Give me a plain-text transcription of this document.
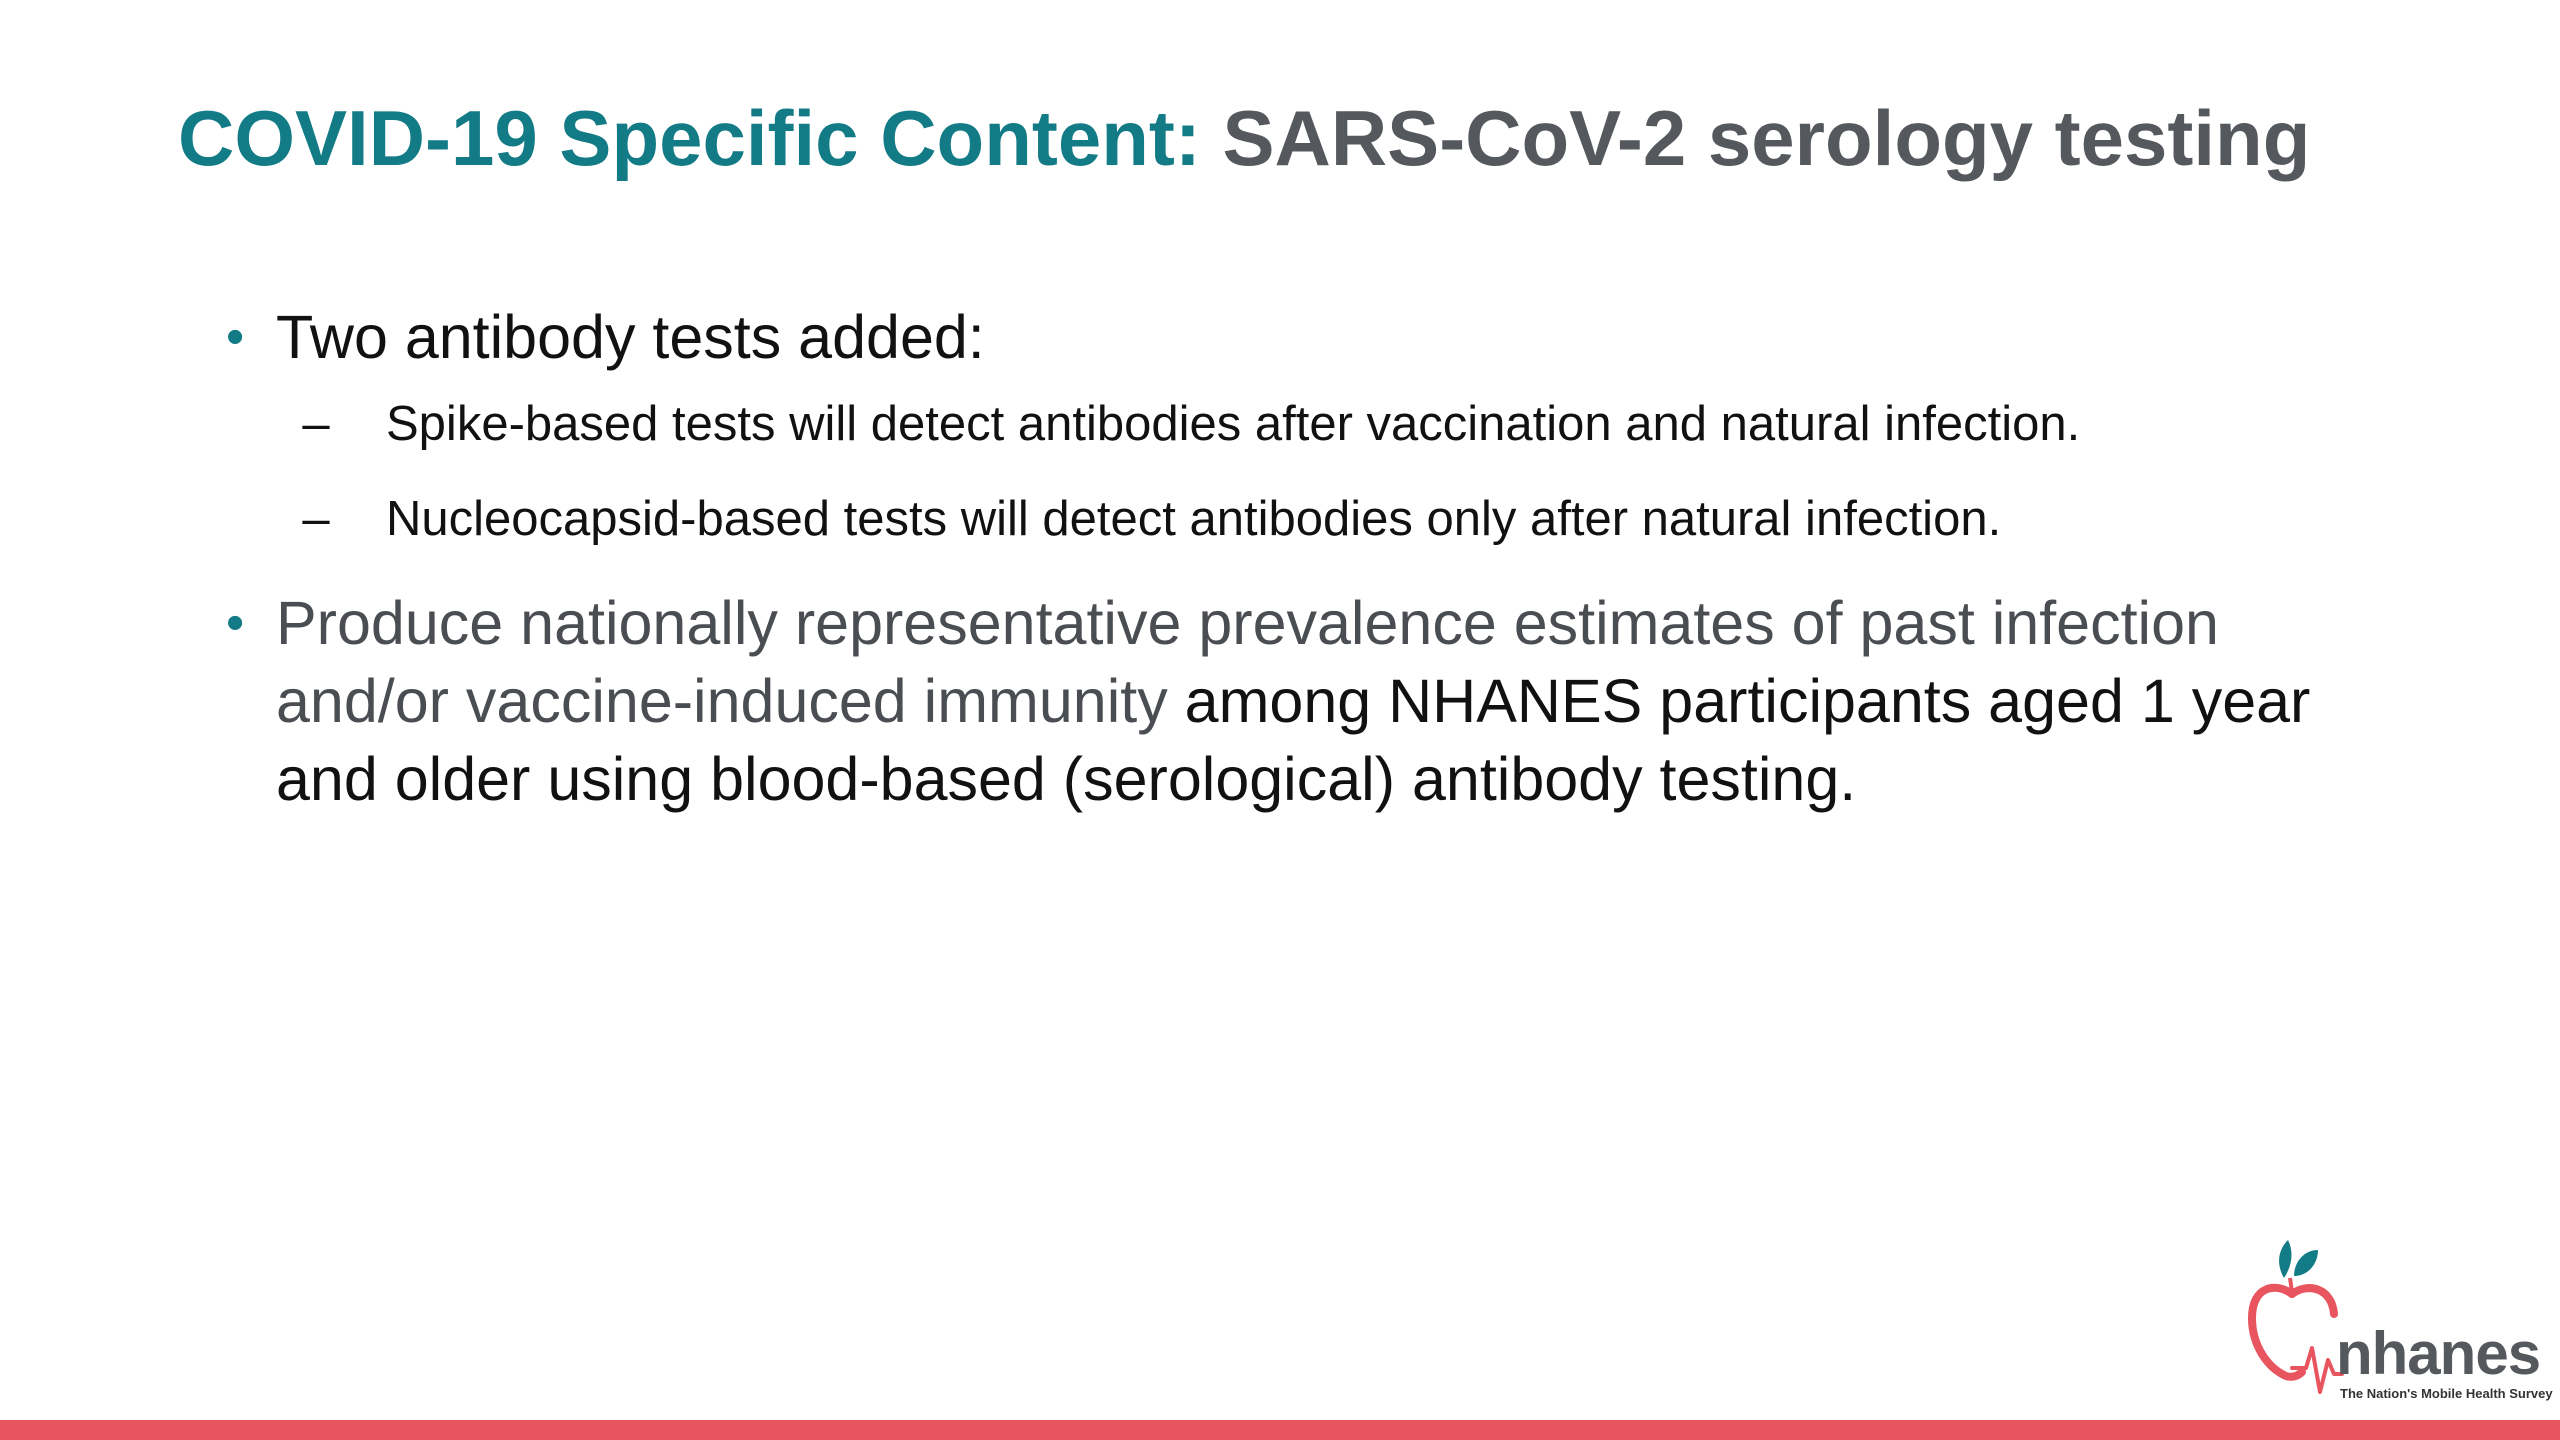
COVID-19 Specific Content: SARS-CoV-2 serology testing
• Two antibody tests added:
–	Spike-based tests will detect antibodies after vaccination and natural infection.
–	Nucleocapsid-based tests will detect antibodies only after natural infection.
• Produce nationally representative prevalence estimates of past infection and/or vaccine-induced immunity among NHANES participants aged 1 year and older using blood-based (serological) antibody testing.
nhanes
The Nation's Mobile Health Survey
